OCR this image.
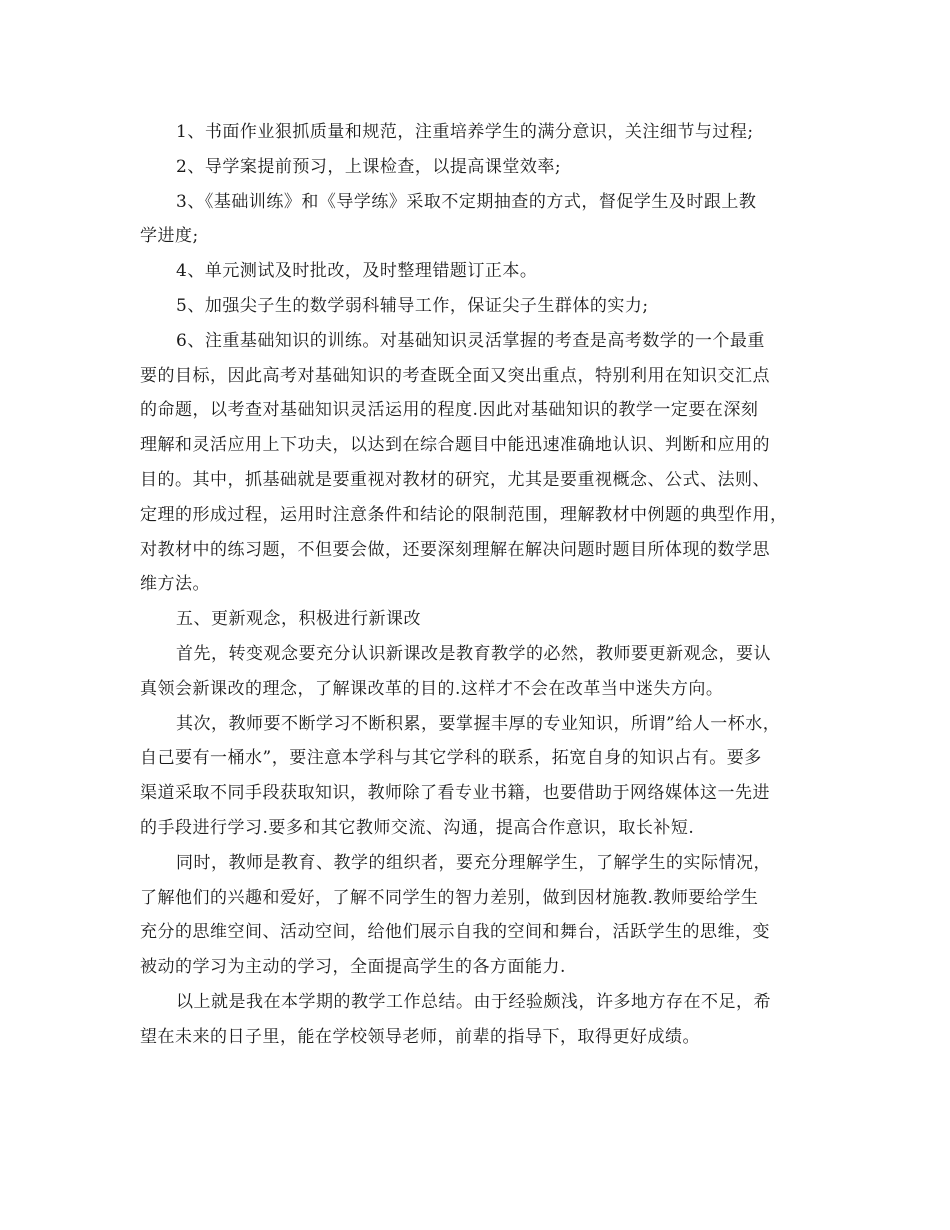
1、书面作业狠抓质量和规范，注重培养学生的满分意识，关注细节与过程;
2、导学案提前预习，上课检查，以提高课堂效率;
3、《基础训练》和《导学练》采取不定期抽查的方式，督促学生及时跟上教
学进度;
4、单元测试及时批改，及时整理错题订正本。
5、加强尖子生的数学弱科辅导工作，保证尖子生群体的实力;
6、注重基础知识的训练。对基础知识灵活掌握的考查是高考数学的一个最重
要的目标，因此高考对基础知识的考查既全面又突出重点，特别利用在知识交汇点
的命题，以考查对基础知识灵活运用的程度.因此对基础知识的教学一定要在深刻
理解和灵活应用上下功夫，以达到在综合题目中能迅速准确地认识、判断和应用的
目的。其中，抓基础就是要重视对教材的研究，尤其是要重视概念、公式、法则、
定理的形成过程，运用时注意条件和结论的限制范围，理解教材中例题的典型作用，
对教材中的练习题，不但要会做，还要深刻理解在解决问题时题目所体现的数学思
维方法。
五、更新观念，积极进行新课改
首先，转变观念要充分认识新课改是教育教学的必然，教师要更新观念，要认
真领会新课改的理念，了解课改革的目的.这样才不会在改革当中迷失方向。
其次，教师要不断学习不断积累，要掌握丰厚的专业知识，所谓”给人一杯水，
自己要有一桶水”，要注意本学科与其它学科的联系，拓宽自身的知识占有。要多
渠道采取不同手段获取知识，教师除了看专业书籍，也要借助于网络媒体这一先进
的手段进行学习.要多和其它教师交流、沟通，提高合作意识，取长补短.
同时，教师是教育、教学的组织者，要充分理解学生，了解学生的实际情况，
了解他们的兴趣和爱好，了解不同学生的智力差别，做到因材施教.教师要给学生
充分的思维空间、活动空间，给他们展示自我的空间和舞台，活跃学生的思维，变
被动的学习为主动的学习，全面提高学生的各方面能力.
以上就是我在本学期的教学工作总结。由于经验颇浅，许多地方存在不足，希
望在未来的日子里，能在学校领导老师，前辈的指导下，取得更好成绩。
